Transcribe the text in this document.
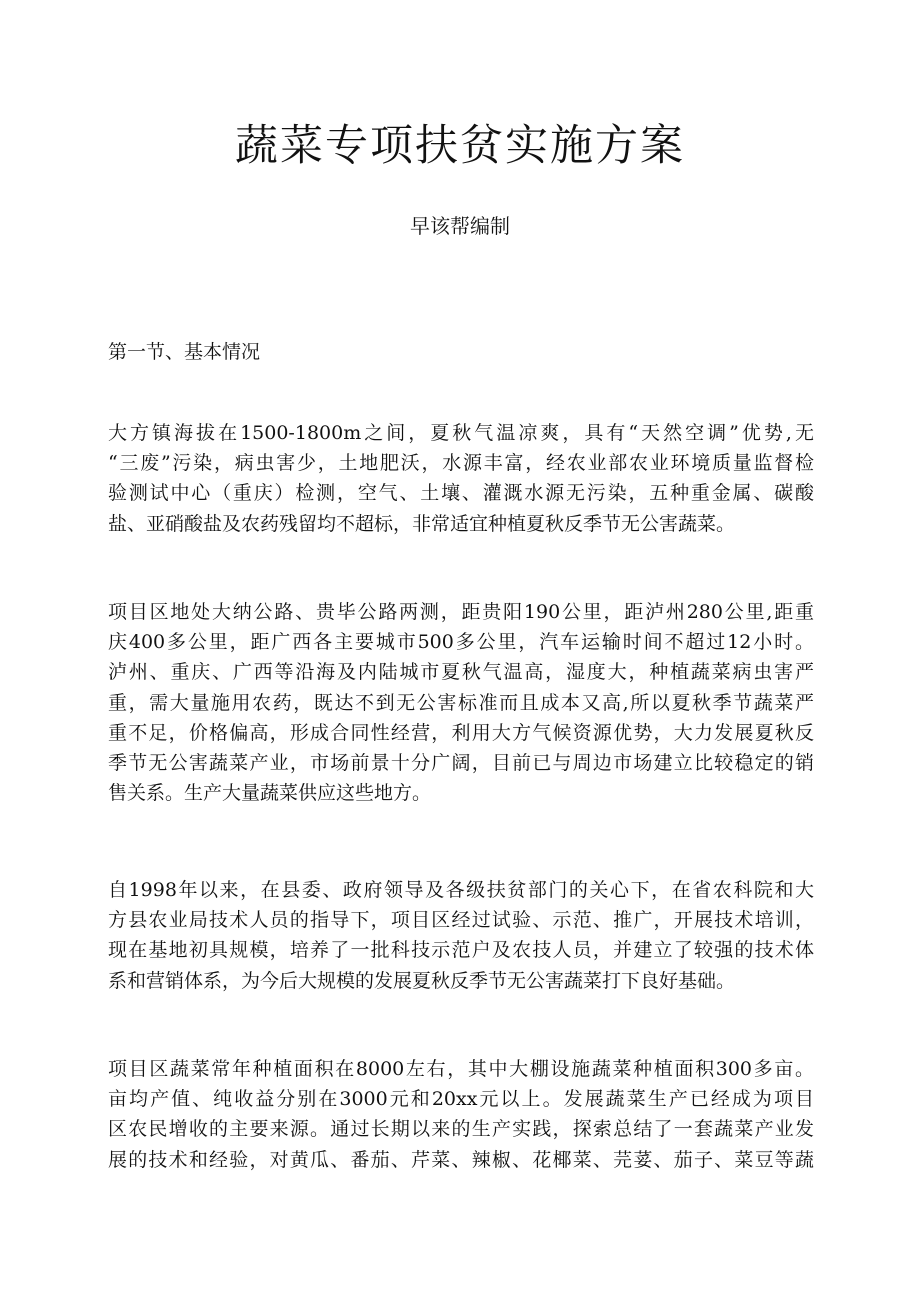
蔬菜专项扶贫实施方案
早该帮编制
第一节、基本情况
大方镇海拔在1500-1800m之间，夏秋气温凉爽，具有“天然空调”优势,无
“三废”污染，病虫害少，土地肥沃，水源丰富，经农业部农业环境质量监督检
验测试中心（重庆）检测，空气、土壤、灌溉水源无污染，五种重金属、碳酸
盐、亚硝酸盐及农药残留均不超标，非常适宜种植夏秋反季节无公害蔬菜。
项目区地处大纳公路、贵毕公路两测，距贵阳190公里，距泸州280公里,距重
庆400多公里，距广西各主要城市500多公里，汽车运输时间不超过12小时。
泸州、重庆、广西等沿海及内陆城市夏秋气温高，湿度大，种植蔬菜病虫害严
重，需大量施用农药，既达不到无公害标准而且成本又高,所以夏秋季节蔬菜严
重不足，价格偏高，形成合同性经营，利用大方气候资源优势，大力发展夏秋反
季节无公害蔬菜产业，市场前景十分广阔，目前已与周边市场建立比较稳定的销
售关系。生产大量蔬菜供应这些地方。
自1998年以来，在县委、政府领导及各级扶贫部门的关心下，在省农科院和大
方县农业局技术人员的指导下，项目区经过试验、示范、推广，开展技术培训，
现在基地初具规模，培养了一批科技示范户及农技人员，并建立了较强的技术体
系和营销体系，为今后大规模的发展夏秋反季节无公害蔬菜打下良好基础。
项目区蔬菜常年种植面积在8000左右，其中大棚设施蔬菜种植面积300多亩。
亩均产值、纯收益分别在3000元和20xx元以上。发展蔬菜生产已经成为项目
区农民增收的主要来源。通过长期以来的生产实践，探索总结了一套蔬菜产业发
展的技术和经验，对黄瓜、番茄、芹菜、辣椒、花椰菜、芫荽、茄子、菜豆等蔬
